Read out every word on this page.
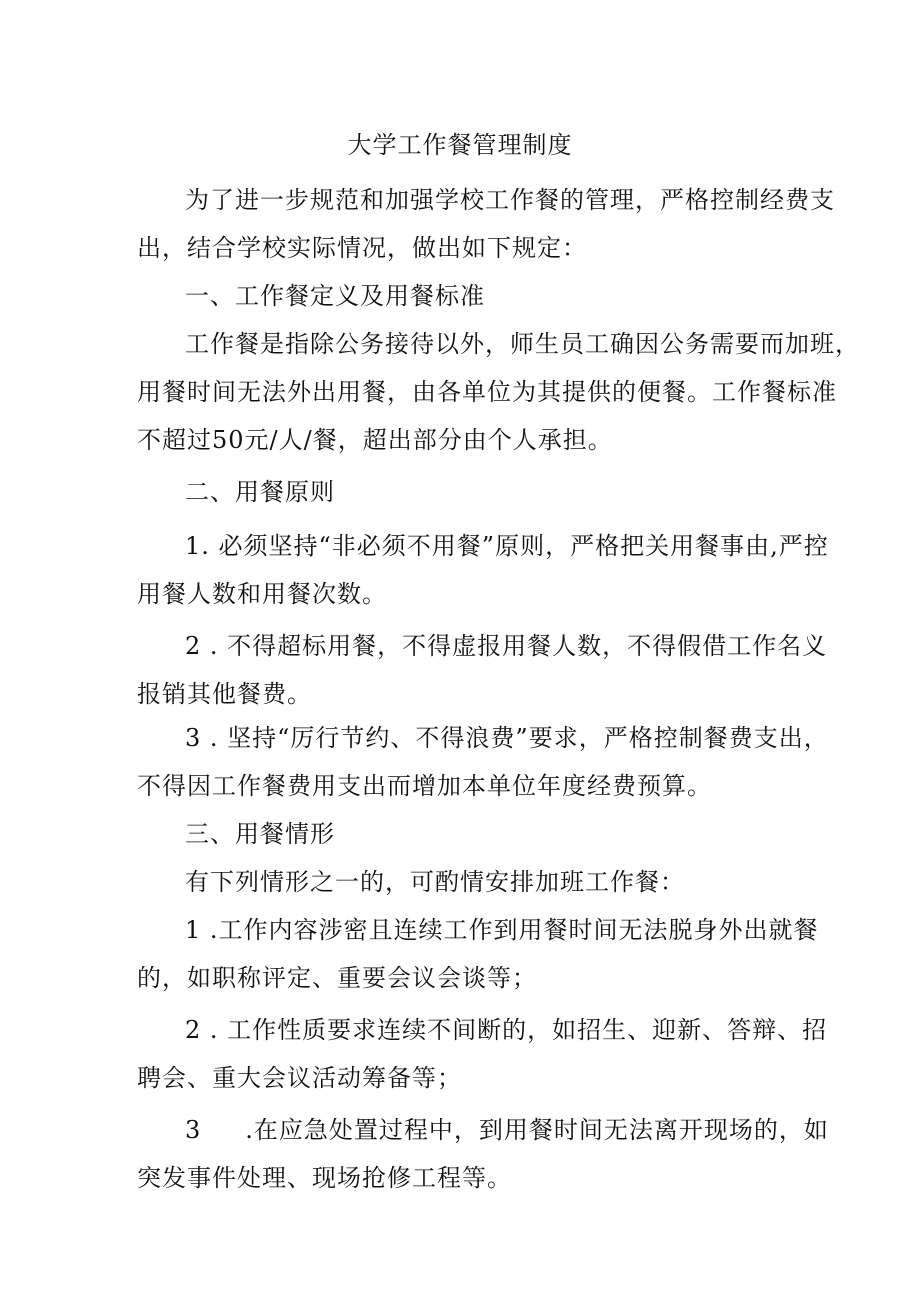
大学工作餐管理制度
为了进一步规范和加强学校工作餐的管理，严格控制经费支
出，结合学校实际情况，做出如下规定：
一、工作餐定义及用餐标准
工作餐是指除公务接待以外，师生员工确因公务需要而加班，
用餐时间无法外出用餐，由各单位为其提供的便餐。工作餐标准
不超过50元/人/餐，超出部分由个人承担。
二、用餐原则
1. 必须坚持“非必须不用餐”原则，严格把关用餐事由,严控
用餐人数和用餐次数。
2 . 不得超标用餐，不得虚报用餐人数，不得假借工作名义
报销其他餐费。
3 . 坚持“厉行节约、不得浪费”要求，严格控制餐费支出，
不得因工作餐费用支出而增加本单位年度经费预算。
三、用餐情形
有下列情形之一的，可酌情安排加班工作餐：
1 .工作内容涉密且连续工作到用餐时间无法脱身外出就餐
的，如职称评定、重要会议会谈等；
2 . 工作性质要求连续不间断的，如招生、迎新、答辩、招
聘会、重大会议活动筹备等；
3 .在应急处置过程中，到用餐时间无法离开现场的，如
突发事件处理、现场抢修工程等。
